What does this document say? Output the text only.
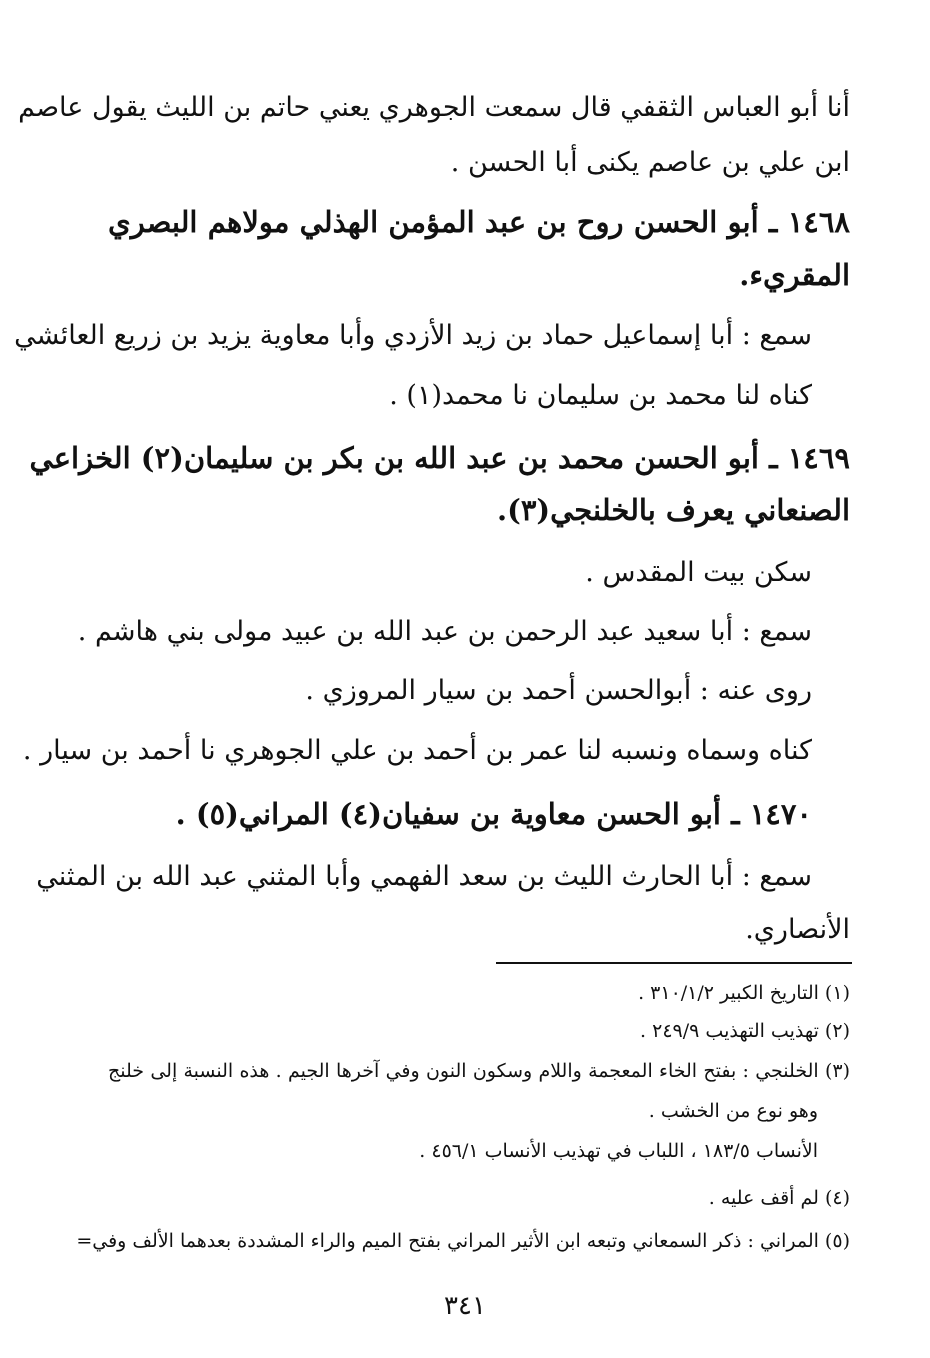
أنا أبو العباس الثقفي قال سمعت الجوهري يعني حاتم بن الليث يقول عاصم
ابن علي بن عاصم يكنى أبا الحسن .
١٤٦٨ ـ أبو الحسن روح بن عبد المؤمن الهذلي مولاهم البصري
المقريء.
سمع : أبا إسماعيل حماد بن زيد الأزدي وأبا معاوية يزيد بن زريع العائشي
كناه لنا محمد بن سليمان نا محمد(١) .
١٤٦٩ ـ أبو الحسن محمد بن عبد الله بن بكر بن سليمان(٢) الخزاعي
الصنعاني يعرف بالخلنجي(٣).
سكن بيت المقدس .
سمع : أبا سعيد عبد الرحمن بن عبد الله بن عبيد مولى بني هاشم .
روى عنه : أبوالحسن أحمد بن سيار المروزي .
كناه وسماه ونسبه لنا عمر بن أحمد بن علي الجوهري نا أحمد بن سيار .
١٤٧٠ ـ أبو الحسن معاوية بن سفيان(٤) المراني(٥) .
سمع : أبا الحارث الليث بن سعد الفهمي وأبا المثني عبد الله بن المثني
الأنصاري.
(١) التاريخ الكبير ٣١٠/١/٢ .
(٢) تهذيب التهذيب ٢٤٩/٩ .
(٣) الخلنجي : بفتح الخاء المعجمة واللام وسكون النون وفي آخرها الجيم . هذه النسبة إلى خلنج
وهو نوع من الخشب .
الأنساب ١٨٣/٥ ، اللباب في تهذيب الأنساب ٤٥٦/١ .
(٤) لم أقف عليه .
(٥) المراني : ذكر السمعاني وتبعه ابن الأثير المراني بفتح الميم والراء المشددة بعدهما الألف وفي=
٣٤١
